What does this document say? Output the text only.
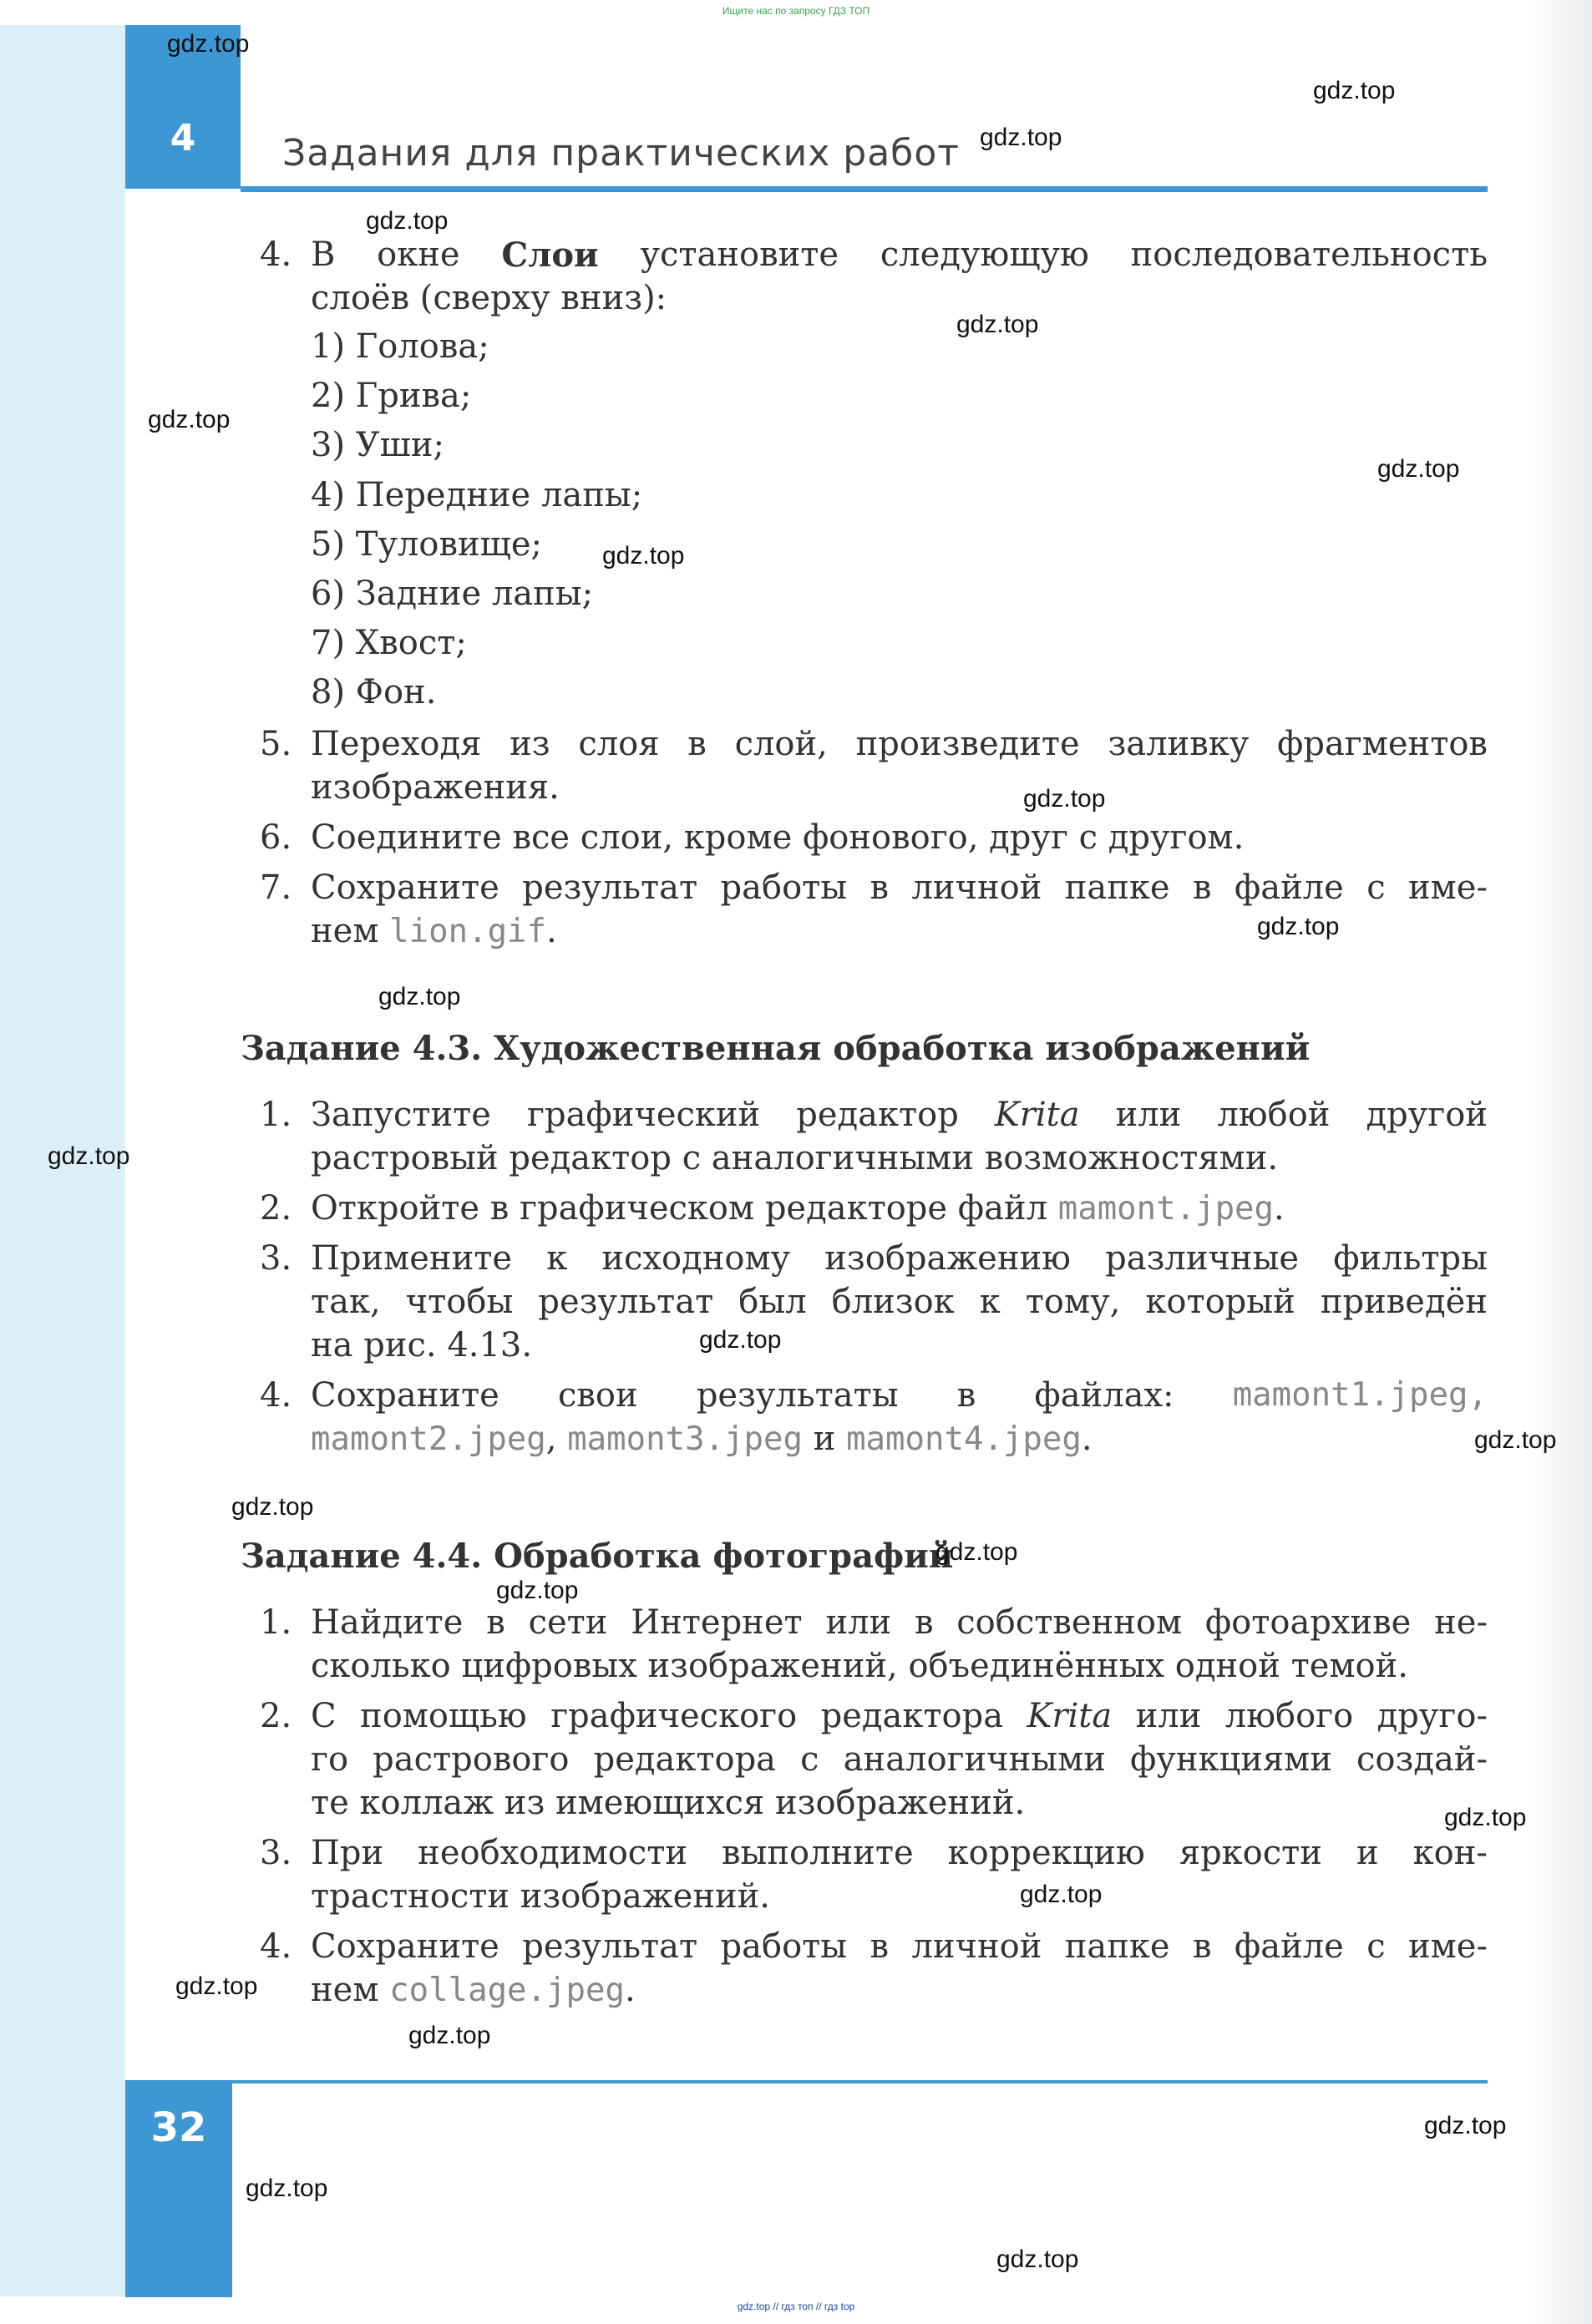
Ищите нас по запросу ГДЗ ТОП
4	Задания для практических работ
4. В окне Слои установите следующую последовательность
слоёв (сверху вниз):
1) Голова;
2) Грива;
3) Уши;
4) Передние лапы;
5) Туловище;
6) Задние лапы;
7) Хвост;
8) Фон.
5. Переходя из слоя в слой, произведите заливку фрагментов
изображения.
6. Соедините все слои, кроме фонового, друг с другом.
7. Сохраните результат работы в личной папке в файле с име-
нем lion.gif.
Задание 4.3. Художественная обработка изображений
1. Запустите графический редактор Krita или любой другой
растровый редактор с аналогичными возможностями.
2. Откройте в графическом редакторе файл mamont.jpeg.
3. Примените к исходному изображению различные фильтры
так, чтобы результат был близок к тому, который приведён
на рис. 4.13.
4. Сохраните свои результаты в файлах: mamont1.jpeg,
mamont2.jpeg, mamont3.jpeg и mamont4.jpeg.
Задание 4.4. Обработка фотографий
1. Найдите в сети Интернет или в собственном фотоархиве не-
сколько цифровых изображений, объединённых одной темой.
2. С помощью графического редактора Krita или любого друго-
го растрового редактора с аналогичными функциями создай-
те коллаж из имеющихся изображений.
3. При необходимости выполните коррекцию яркости и кон-
трастности изображений.
4. Сохраните результат работы в личной папке в файле с име-
нем collage.jpeg.
32
gdz.top
gdz.top
gdz.top
gdz.top
gdz.top
gdz.top
gdz.top
gdz.top
gdz.top
gdz.top
gdz.top
gdz.top
gdz.top
gdz.top
gdz.top
gdz.top
gdz.top
gdz.top
gdz.top
gdz.top
gdz.top
gdz.top
gdz.top
gdz.top
gdz.top // гдз топ // гдз top
